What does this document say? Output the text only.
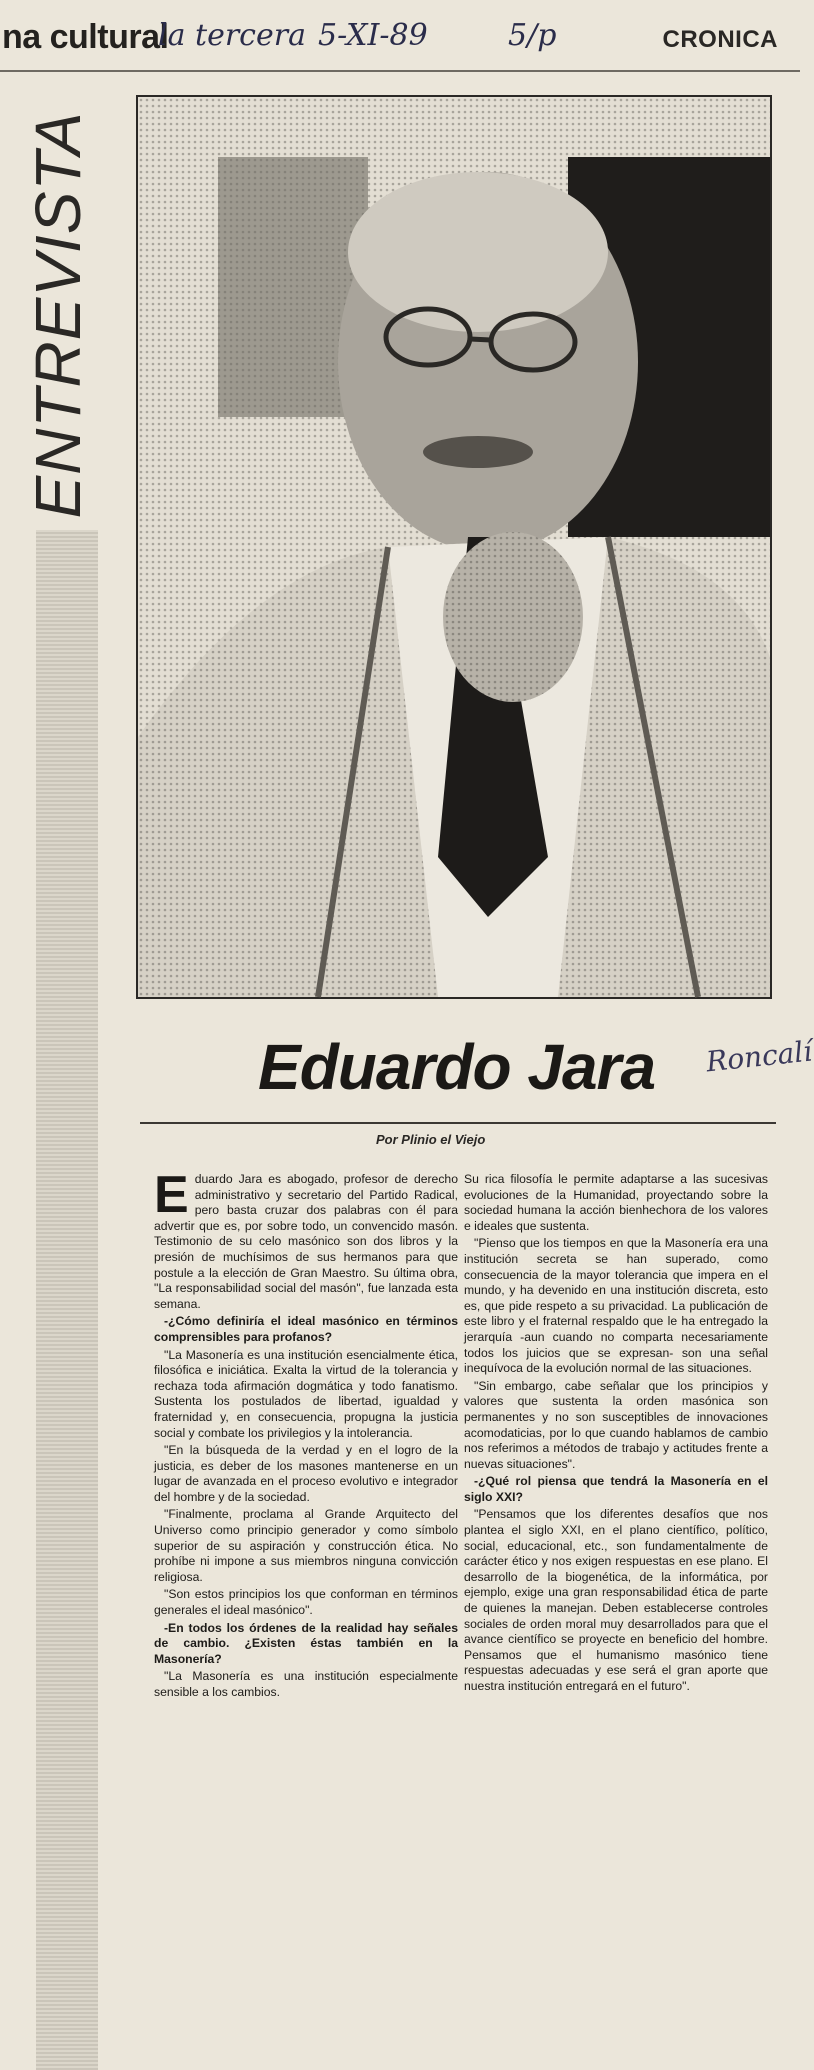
na cultural
la tercera 5-XI-89	5/p	CRONICA
ENTREVISTA
Eduardo Jara Roncalí
Por Plinio el Viejo
E duardo Jara es abogado, profesor de derecho administrativo y secretario del Partido Radical, pero basta cruzar dos palabras con él para advertir que es, por sobre todo, un convencido masón. Testimonio de su celo masónico son dos libros y la presión de muchísimos de sus hermanos para que postule a la elección de Gran Maestro. Su última obra, "La responsabilidad social del masón", fue lanzada esta semana.

-¿Cómo definiría el ideal masónico en términos comprensibles para profanos?

"La Masonería es una institución esencialmente ética, filosófica e iniciática. Exalta la virtud de la tolerancia y rechaza toda afirmación dogmática y todo fanatismo. Sustenta los postulados de libertad, igualdad y fraternidad y, en consecuencia, propugna la justicia social y combate los privilegios y la intolerancia.

"En la búsqueda de la verdad y en el logro de la justicia, es deber de los masones mantenerse en un lugar de avanzada en el proceso evolutivo e integrador del hombre y de la sociedad.

"Finalmente, proclama al Grande Arquitecto del Universo como principio generador y como símbolo superior de su aspiración y construcción ética. No prohíbe ni impone a sus miembros ninguna convicción religiosa.

"Son estos principios los que conforman en términos generales el ideal masónico".

-En todos los órdenes de la realidad hay señales de cambio. ¿Existen éstas también en la Masonería?

"La Masonería es una institución especialmente sensible a los cambios.

Su rica filosofía le permite adaptarse a las sucesivas evoluciones de la Humanidad, proyectando sobre la sociedad humana la acción bienhechora de los valores e ideales que sustenta.

"Pienso que los tiempos en que la Masonería era una institución secreta se han superado, como consecuencia de la mayor tolerancia que impera en el mundo, y ha devenido en una institución discreta, esto es, que pide respeto a su privacidad. La publicación de este libro y el fraternal respaldo que le ha entregado la jerarquía -aun cuando no comparta necesariamente todos los juicios que se expresan- son una señal inequívoca de la evolución normal de las situaciones.

"Sin embargo, cabe señalar que los principios y valores que sustenta la orden masónica son permanentes y no son susceptibles de innovaciones acomodaticias, por lo que cuando hablamos de cambio nos referimos a métodos de trabajo y actitudes frente a nuevas situaciones".

-¿Qué rol piensa que tendrá la Masonería en el siglo XXI?

"Pensamos que los diferentes desafíos que nos plantea el siglo XXI, en el plano científico, político, social, educacional, etc., son fundamentalmente de carácter ético y nos exigen respuestas en ese plano. El desarrollo de la biogenética, de la informática, por ejemplo, exige una gran responsabilidad ética de parte de quienes la manejan. Deben establecerse controles sociales de orden moral muy desarrollados para que el avance científico se proyecte en beneficio del hombre. Pensamos que el humanismo masónico tiene respuestas adecuadas y ese será el gran aporte que nuestra institución entregará en el futuro".
